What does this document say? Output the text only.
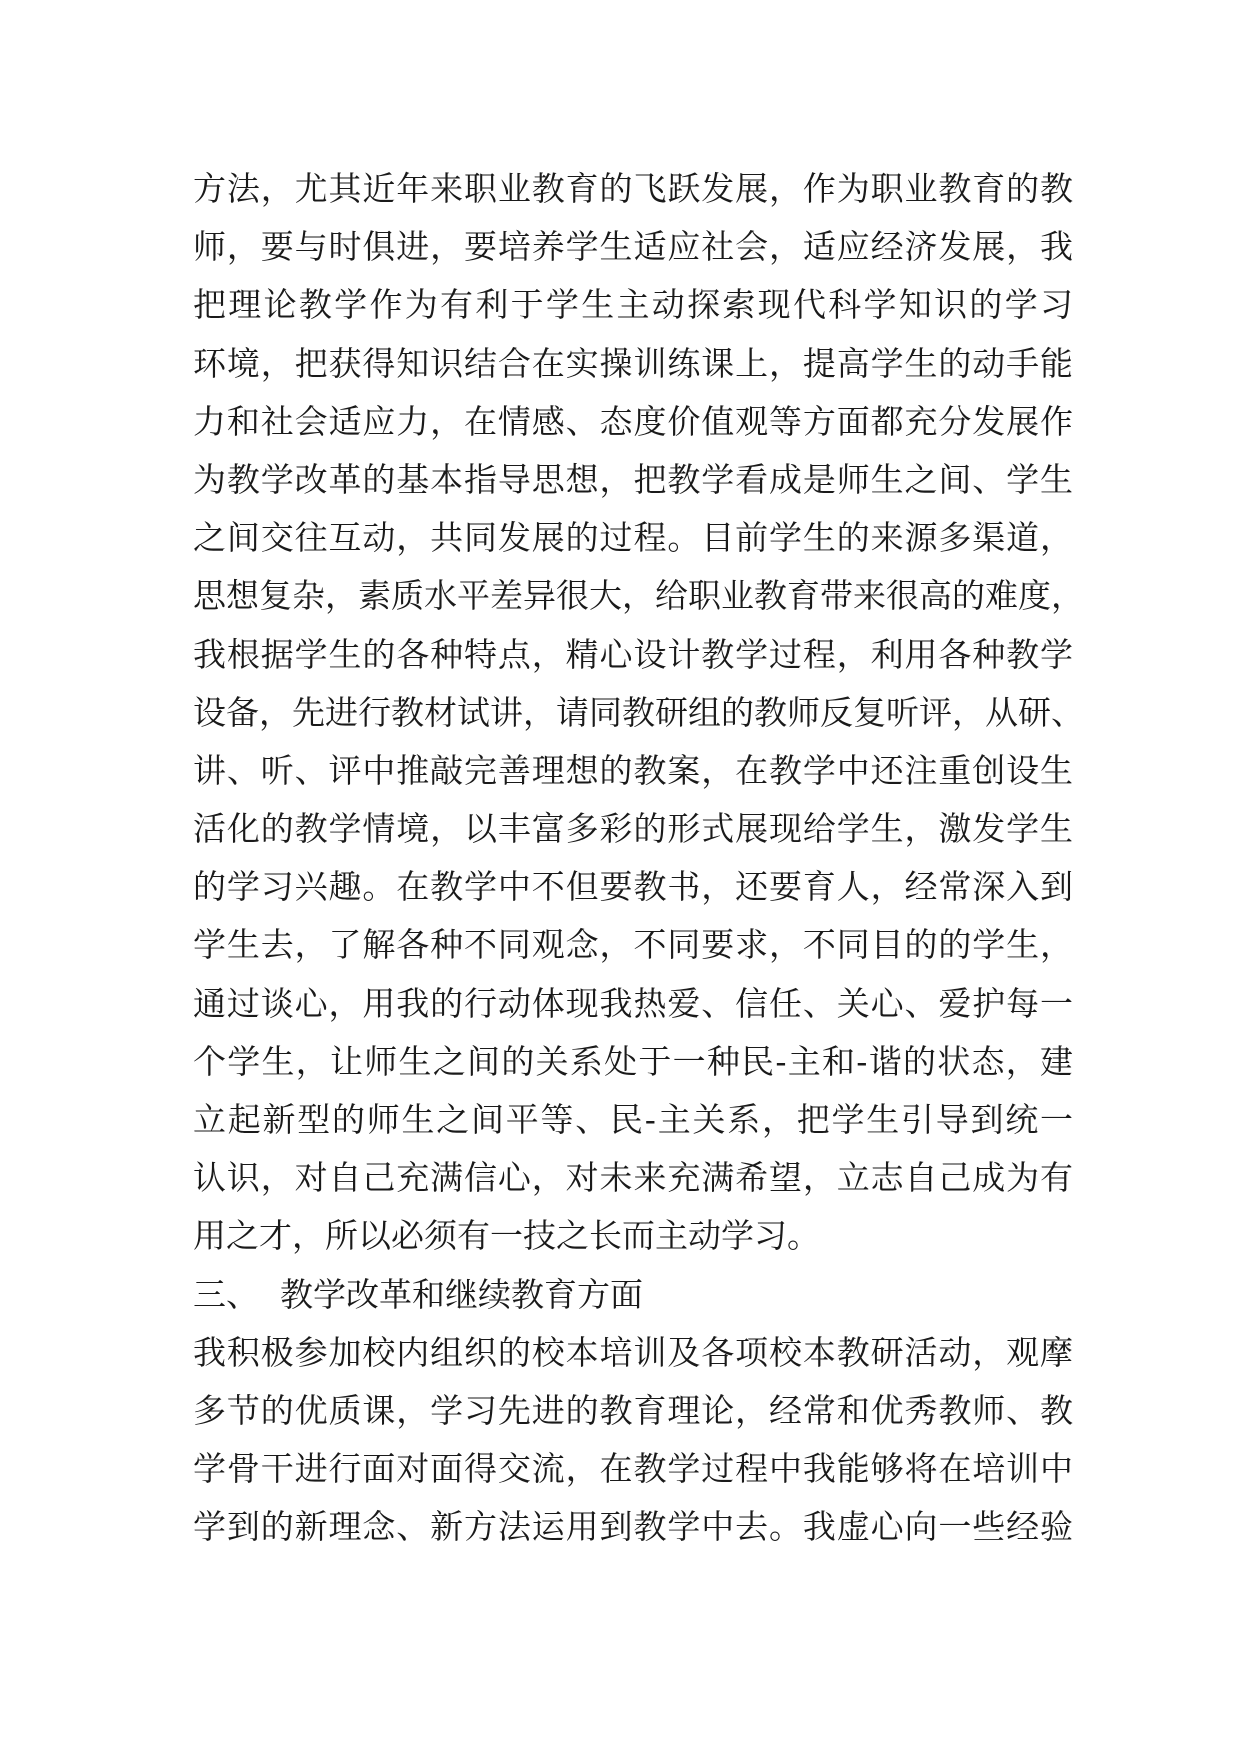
方法，尤其近年来职业教育的飞跃发展，作为职业教育的教
师，要与时俱进，要培养学生适应社会，适应经济发展，我
把理论教学作为有利于学生主动探索现代科学知识的学习
环境，把获得知识结合在实操训练课上，提高学生的动手能
力和社会适应力，在情感、态度价值观等方面都充分发展作
为教学改革的基本指导思想，把教学看成是师生之间、学生
之间交往互动，共同发展的过程。目前学生的来源多渠道，
思想复杂，素质水平差异很大，给职业教育带来很高的难度，
我根据学生的各种特点，精心设计教学过程，利用各种教学
设备，先进行教材试讲，请同教研组的教师反复听评，从研、
讲、听、评中推敲完善理想的教案，在教学中还注重创设生
活化的教学情境，以丰富多彩的形式展现给学生，激发学生
的学习兴趣。在教学中不但要教书，还要育人，经常深入到
学生去，了解各种不同观念，不同要求，不同目的的学生，
通过谈心，用我的行动体现我热爱、信任、关心、爱护每一
个学生，让师生之间的关系处于一种民-主和-谐的状态，建
立起新型的师生之间平等、民-主关系，把学生引导到统一
认识，对自己充满信心，对未来充满希望，立志自己成为有
用之才，所以必须有一技之长而主动学习。
三、  教学改革和继续教育方面
我积极参加校内组织的校本培训及各项校本教研活动，观摩
多节的优质课，学习先进的教育理论，经常和优秀教师、教
学骨干进行面对面得交流，在教学过程中我能够将在培训中
学到的新理念、新方法运用到教学中去。我虚心向一些经验
